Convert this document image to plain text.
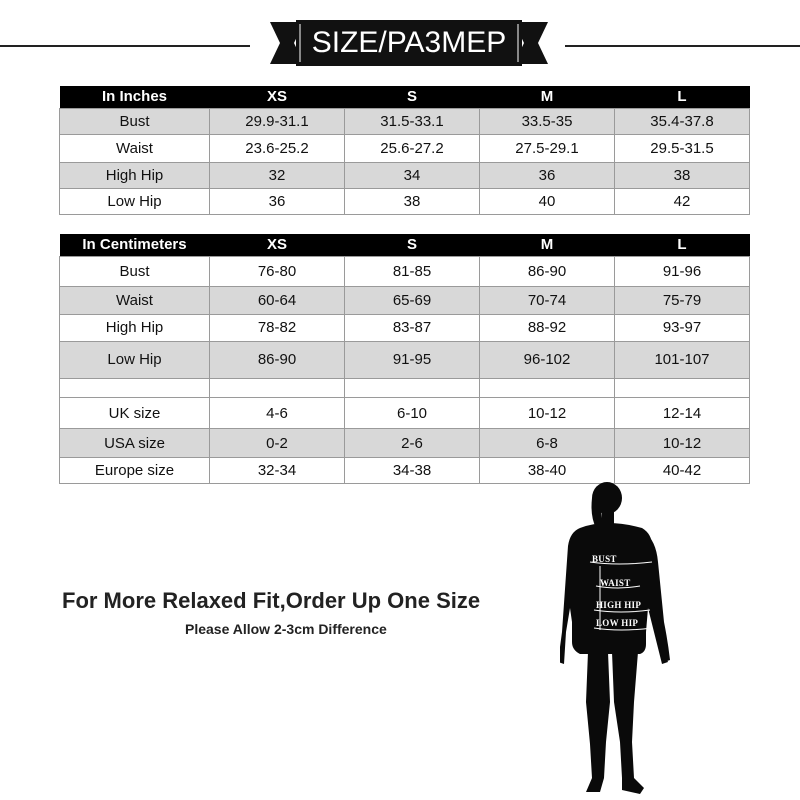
SIZE/PA3MEP
In Inches	XS	S	M	L
Bust	29.9-31.1	31.5-33.1	33.5-35	35.4-37.8
Waist	23.6-25.2	25.6-27.2	27.5-29.1	29.5-31.5
High Hip	32	34	36	38
Low Hip	36	38	40	42
In Centimeters	XS	S	M	L
Bust	76-80	81-85	86-90	91-96
Waist	60-64	65-69	70-74	75-79
High Hip	78-82	83-87	88-92	93-97
Low Hip	86-90	91-95	96-102	101-107

UK size	4-6	6-10	10-12	12-14
USA size	0-2	2-6	6-8	10-12
Europe size	32-34	34-38	38-40	40-42
For More Relaxed Fit,Order Up One Size
Please Allow 2-3cm Difference
BUST
WAIST
HIGH HIP
LOW HIP
